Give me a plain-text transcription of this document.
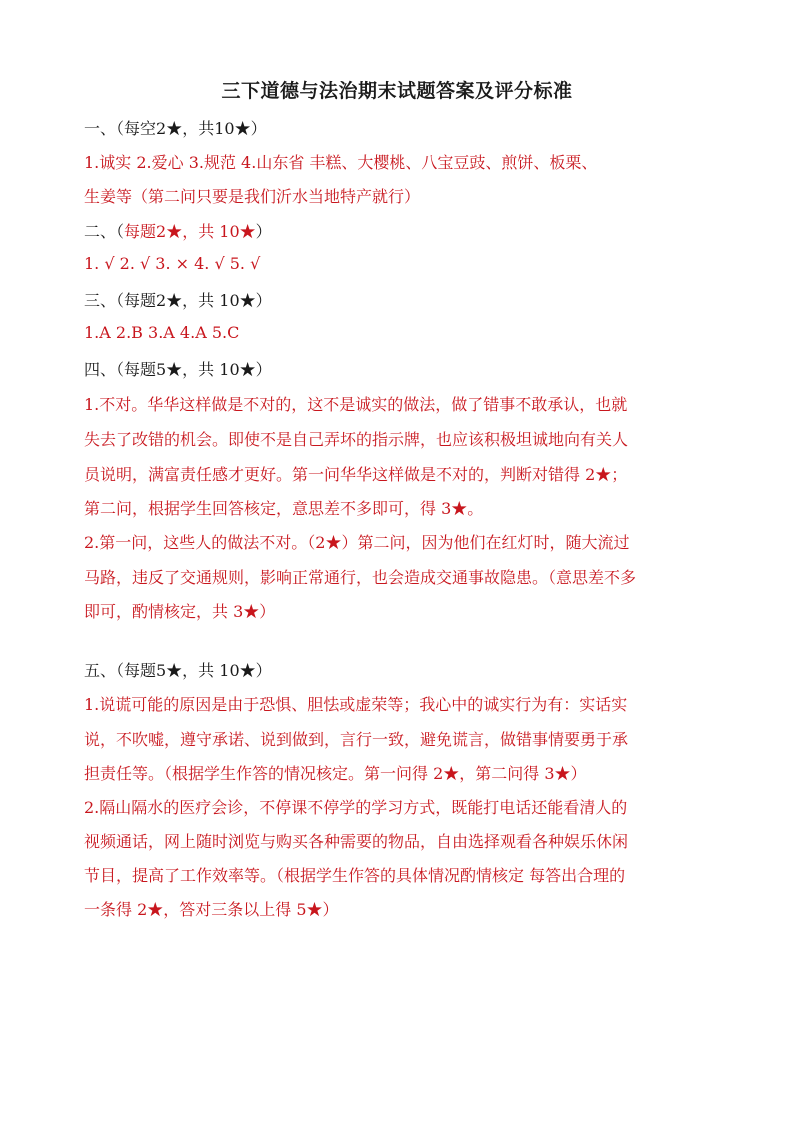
三下道德与法治期末试题答案及评分标准
一、（每空2★，共10★）
1.诚实 2.爱心 3.规范 4.山东省 丰糕、大樱桃、八宝豆豉、煎饼、板栗、
生姜等（第二问只要是我们沂水当地特产就行）
二、（每题2★，共 10★）
1. √ 2. √ 3. × 4. √ 5. √
三、（每题2★，共 10★）
1.A 2.B 3.A 4.A 5.C
四、（每题5★，共 10★）
1.不对。华华这样做是不对的，这不是诚实的做法，做了错事不敢承认，也就
失去了改错的机会。即使不是自己弄坏的指示牌，也应该积极坦诚地向有关人
员说明，满富责任感才更好。第一问华华这样做是不对的，判断对错得 2★；
第二问，根据学生回答核定，意思差不多即可，得 3★。
2.第一问，这些人的做法不对。（2★）第二问，因为他们在红灯时，随大流过
马路，违反了交通规则，影响正常通行，也会造成交通事故隐患。（意思差不多
即可，酌情核定，共 3★）
五、（每题5★，共 10★）
1.说谎可能的原因是由于恐惧、胆怯或虚荣等；我心中的诚实行为有：实话实
说，不吹嘘，遵守承诺、说到做到，言行一致，避免谎言，做错事情要勇于承
担责任等。（根据学生作答的情况核定。第一问得 2★，第二问得 3★）
2.隔山隔水的医疗会诊，不停课不停学的学习方式，既能打电话还能看清人的
视频通话，网上随时浏览与购买各种需要的物品，自由选择观看各种娱乐休闲
节目，提高了工作效率等。（根据学生作答的具体情况酌情核定 每答出合理的
一条得 2★，答对三条以上得 5★）
